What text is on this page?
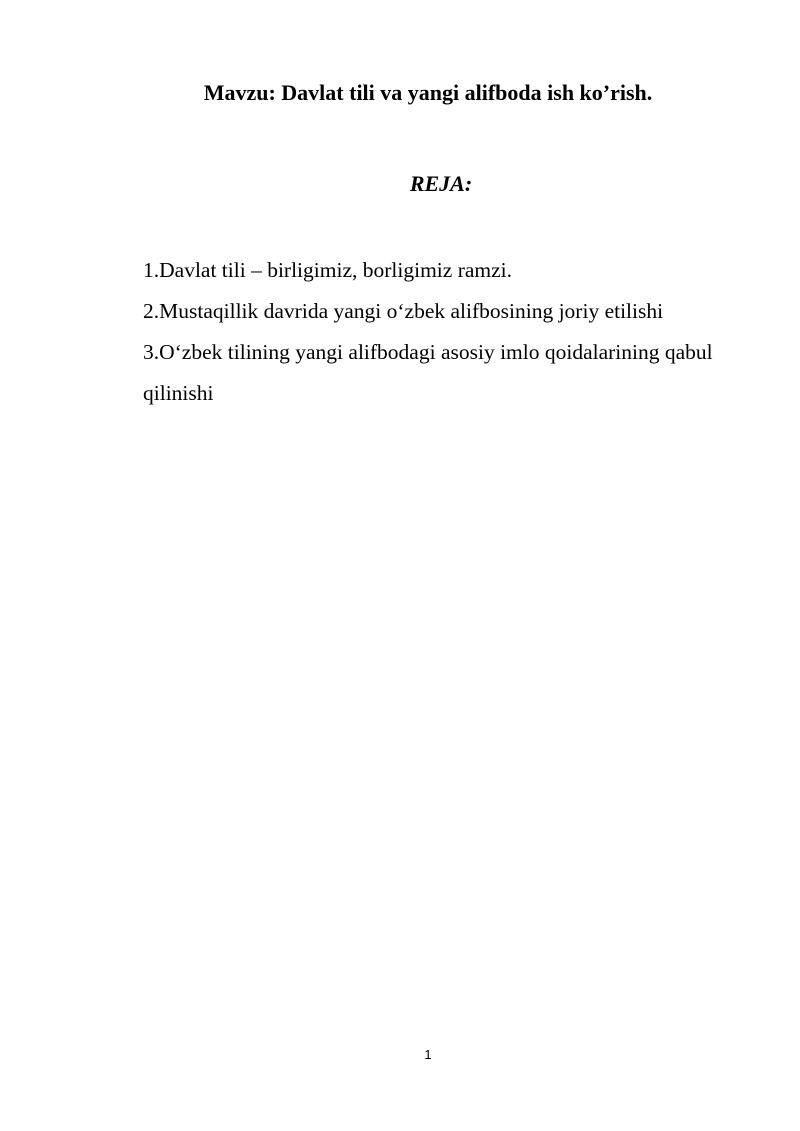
Mavzu: Davlat tili va yangi alifboda ish ko’rish.
REJA:
1.Davlat tili – birligimiz, borligimiz ramzi.
2.Mustaqillik davrida yangi o‘zbek alifbosining joriy etilishi
3.O‘zbek tilining yangi alifbodagi asosiy imlo qoidalarining qabul qilinishi
1
